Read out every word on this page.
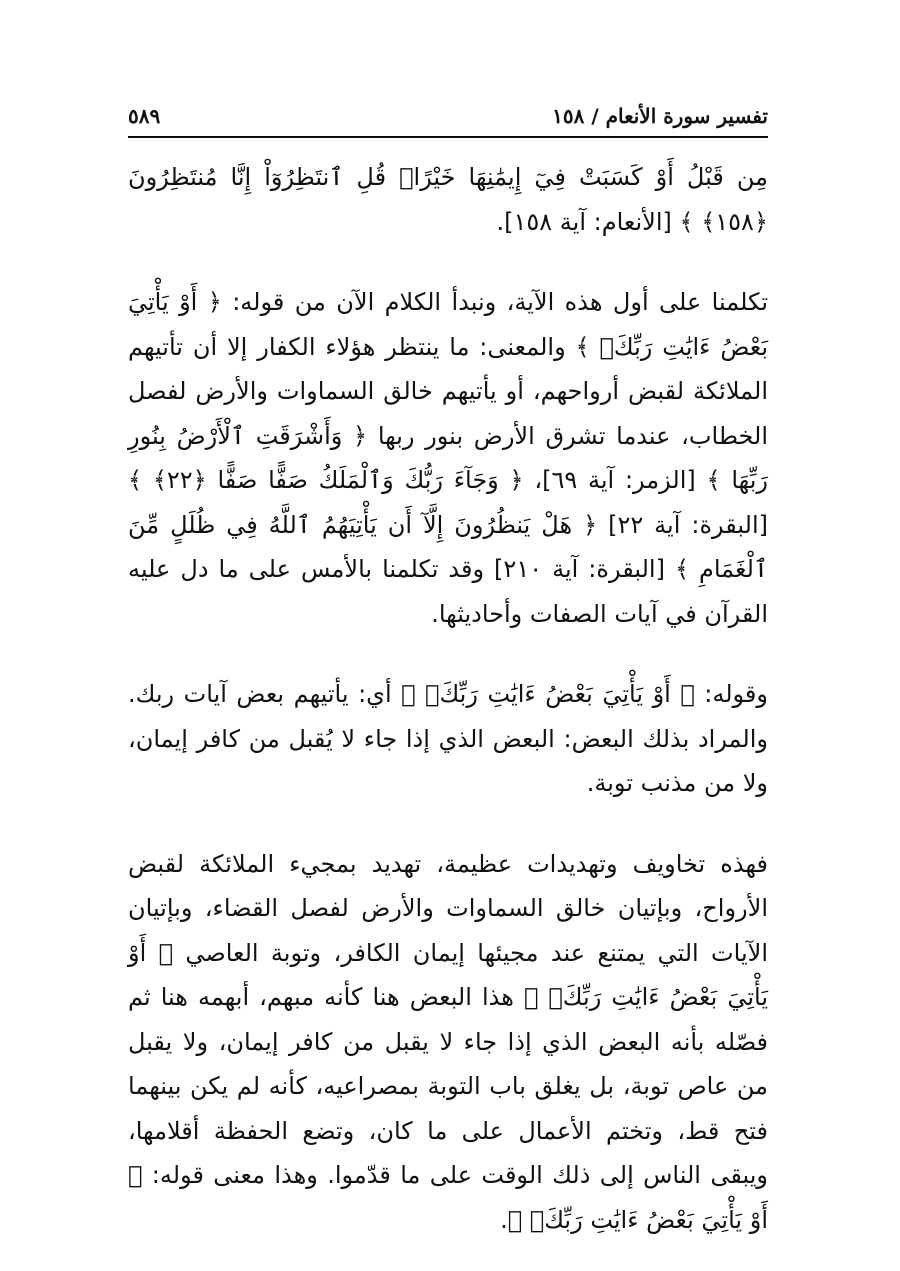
تفسير سورة الأنعام / ١٥٨
٥٨٩

مِن قَبْلُ أَوْ كَسَبَتْ فِيٓ إِيمَٰنِهَا خَيْرًاۗ قُلِ ٱنتَظِرُوٓاْ إِنَّا مُنتَظِرُونَ ﴿١٥٨﴾ ﴾ [الأنعام: آية ١٥٨].

تكلمنا على أول هذه الآية، ونبدأ الكلام الآن من قوله: ﴿ أَوْ يَأْتِيَ بَعْضُ ءَايَٰتِ رَبِّكَۗ ﴾ والمعنى: ما ينتظر هؤلاء الكفار إلا أن تأتيهم الملائكة لقبض أرواحهم، أو يأتيهم خالق السماوات والأرض لفصل الخطاب، عندما تشرق الأرض بنور ربها ﴿ وَأَشْرَقَتِ ٱلْأَرْضُ بِنُورِ رَبِّهَا ﴾ [الزمر: آية ٦٩]، ﴿ وَجَآءَ رَبُّكَ وَٱلْمَلَكُ صَفًّا صَفًّا ﴿٢٢﴾ ﴾ [البقرة: آية ٢٢] ﴿ هَلْ يَنظُرُونَ إِلَّآ أَن يَأْتِيَهُمُ ٱللَّهُ فِي ظُلَلٍ مِّنَ ٱلْغَمَامِ ﴾ [البقرة: آية ٢١٠] وقد تكلمنا بالأمس على ما دل عليه القرآن في آيات الصفات وأحاديثها.

وقوله: ﴿ أَوْ يَأْتِيَ بَعْضُ ءَايَٰتِ رَبِّكَۗ ﴾ أي: يأتيهم بعض آيات ربك. والمراد بذلك البعض: البعض الذي إذا جاء لا يُقبل من كافر إيمان، ولا من مذنب توبة.

فهذه تخاويف وتهديدات عظيمة، تهديد بمجيء الملائكة لقبض الأرواح، وبإتيان خالق السماوات والأرض لفصل القضاء، وبإتيان الآيات التي يمتنع عند مجيئها إيمان الكافر، وتوبة العاصي ﴿ أَوْ يَأْتِيَ بَعْضُ ءَايَٰتِ رَبِّكَۗ ﴾ هذا البعض هنا كأنه مبهم، أبهمه هنا ثم فصّله بأنه البعض الذي إذا جاء لا يقبل من كافر إيمان، ولا يقبل من عاص توبة، بل يغلق باب التوبة بمصراعيه، كأنه لم يكن بينهما فتح قط، وتختم الأعمال على ما كان، وتضع الحفظة أقلامها، ويبقى الناس إلى ذلك الوقت على ما قدّموا. وهذا معنى قوله: ﴿ أَوْ يَأْتِيَ بَعْضُ ءَايَٰتِ رَبِّكَۗ ﴾.
